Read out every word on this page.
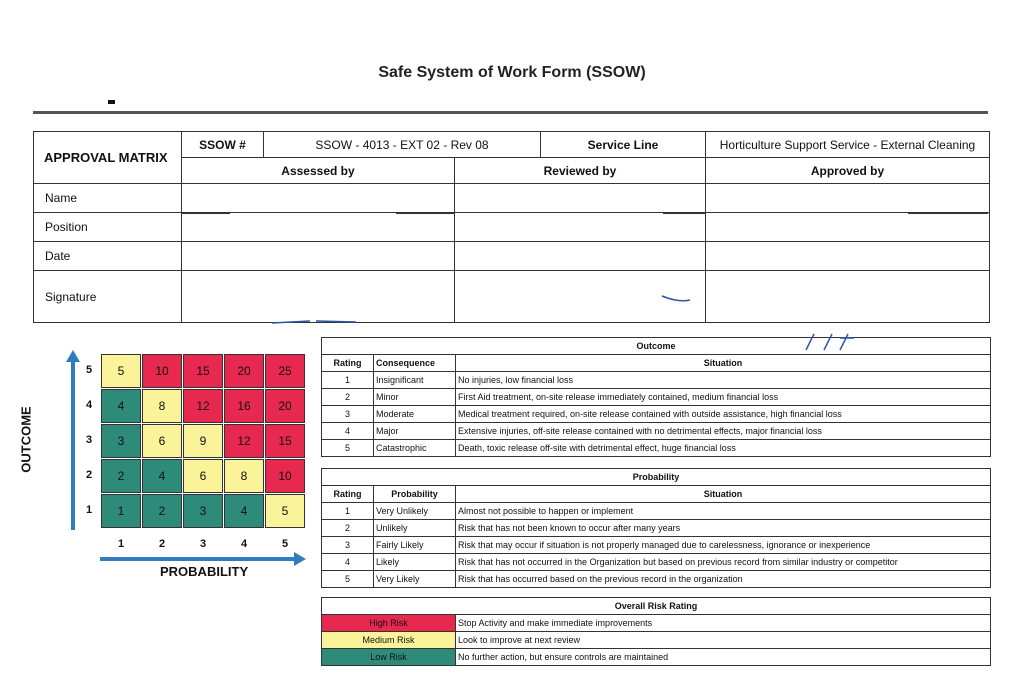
Safe System of Work Form (SSOW)
APPROVAL MATRIX	SSOW #	SSOW - 4013 - EXT 02 - Rev 08		Service Line	Horticulture Support Service - External Cleaning
	Assessed by		Reviewed by		Approved by
Name					
Position					
Date					
Signature					
OUTCOME
5
4
3
2
1
5	10	15	20	25
4	8	12	16	20
3	6	9	12	15
2	4	6	8	10
1	2	3	4	5
1	2	3	4	5
PROBABILITY
Outcome		
Rating	Consequence	Situation
1	Insignificant	No injuries, low financial loss
2	Minor	First Aid treatment, on-site release immediately contained, medium financial loss
3	Moderate	Medical treatment required, on-site release contained with outside assistance, high financial loss
4	Major	Extensive injuries, off-site release contained with no detrimental effects, major financial loss
5	Catastrophic	Death, toxic release off-site with detrimental effect, huge financial loss
Probability		
Rating	Probability	Situation
1	Very Unlikely	Almost not possible to happen or implement
2	Unlikely	Risk that has not been known to occur after many years
3	Fairly Likely	Risk that may occur if situation is not properly managed due to carelessness, ignorance or inexperience
4	Likely	Risk that has not occurred in the Organization but based on previous record from similar industry or competitor
5	Very Likely	Risk that has occurred based on the previous record in the organization
Overall Risk Rating	
High Risk	Stop Activity and make immediate improvements
Medium Risk	Look to improve at next review
Low Risk	No further action, but ensure controls are maintained
